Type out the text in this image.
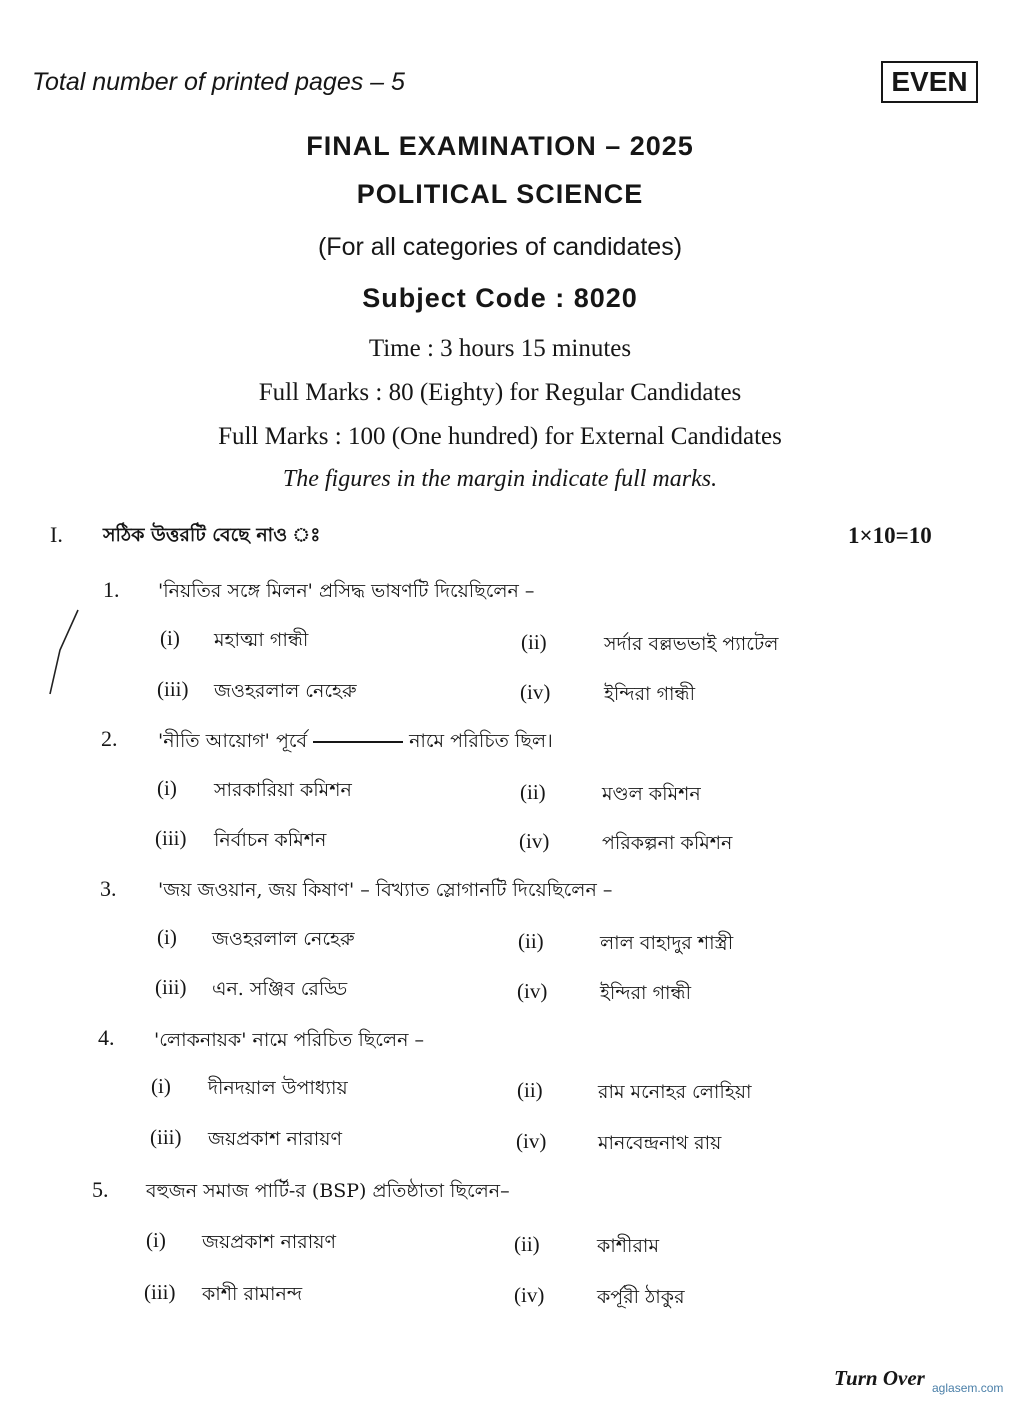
Total number of printed pages – 5	EVEN
FINAL EXAMINATION – 2025
POLITICAL SCIENCE
(For all categories of candidates)
Subject Code : 8020
Time : 3 hours 15 minutes
Full Marks : 80 (Eighty) for Regular Candidates
Full Marks : 100 (One hundred) for External Candidates
The figures in the margin indicate full marks.
I. সঠিক উত্তরটি বেছে নাও ঃ	1×10=10
1. 'নিয়তির সঙ্গে মিলন' প্রসিদ্ধ ভাষণটি দিয়েছিলেন –
(i) মহাত্মা গান্ধী	(ii)	সর্দার বল্লভভাই প্যাটেল
(iii) জওহরলাল নেহেরু	(iv)	ইন্দিরা গান্ধী
2. 'নীতি আয়োগ' পূর্বে	নামে পরিচিত ছিল।
(i) সারকারিয়া কমিশন	(ii)	মণ্ডল কমিশন
(iii) নির্বাচন কমিশন	(iv)	পরিকল্পনা কমিশন
3. 'জয় জওয়ান, জয় কিষাণ' – বিখ্যাত স্লোগানটি দিয়েছিলেন –
(i) জওহরলাল নেহেরু	(ii)	লাল বাহাদুর শাস্ত্রী
(iii) এন. সঞ্জিব রেড্ডি	(iv)	ইন্দিরা গান্ধী
4. 'লোকনায়ক' নামে পরিচিত ছিলেন –
(i) দীনদয়াল উপাধ্যায়	(ii)	রাম মনোহর লোহিয়া
(iii) জয়প্রকাশ নারায়ণ	(iv)	মানবেন্দ্রনাথ রায়
5. বহুজন সমাজ পার্টি-র (BSP) প্রতিষ্ঠাতা ছিলেন–
(i) জয়প্রকাশ নারায়ণ	(ii)	কাশীরাম
(iii) কাশী রামানন্দ	(iv)	কর্পূরী ঠাকুর
Turn Over aglasem.com
